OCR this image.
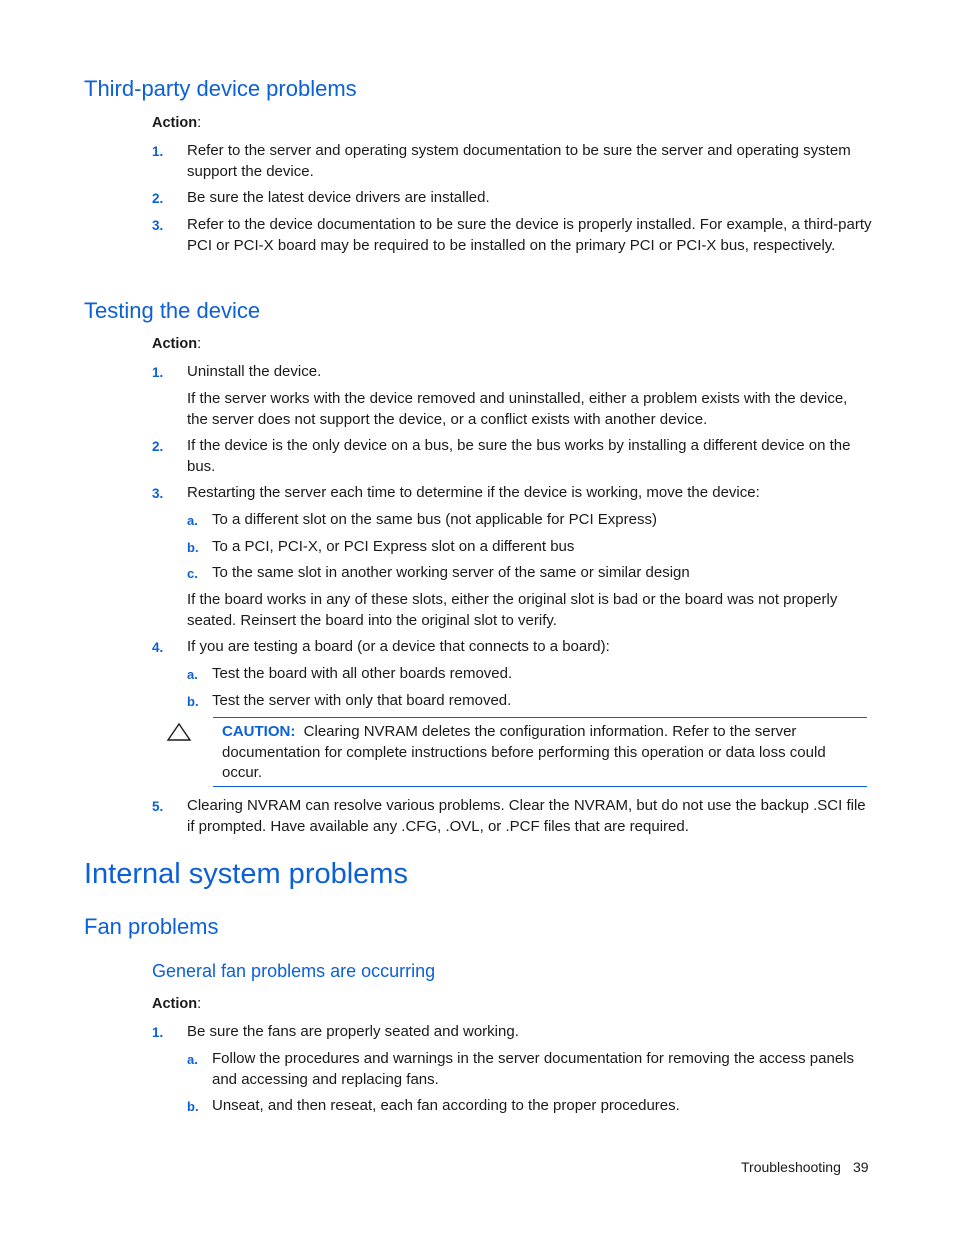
Third-party device problems
Action:
1.	Refer to the server and operating system documentation to be sure the server and operating system support the device.
2.	Be sure the latest device drivers are installed.
3.	Refer to the device documentation to be sure the device is properly installed. For example, a third-party PCI or PCI-X board may be required to be installed on the primary PCI or PCI-X bus, respectively.
Testing the device
Action:
1.	Uninstall the device.
If the server works with the device removed and uninstalled, either a problem exists with the device, the server does not support the device, or a conflict exists with another device.
2.	If the device is the only device on a bus, be sure the bus works by installing a different device on the bus.
3.	Restarting the server each time to determine if the device is working, move the device:
a. To a different slot on the same bus (not applicable for PCI Express)
b. To a PCI, PCI-X, or PCI Express slot on a different bus
c. To the same slot in another working server of the same or similar design
If the board works in any of these slots, either the original slot is bad or the board was not properly seated. Reinsert the board into the original slot to verify.
4.	If you are testing a board (or a device that connects to a board):
a. Test the board with all other boards removed.
b. Test the server with only that board removed.
CAUTION: Clearing NVRAM deletes the configuration information. Refer to the server documentation for complete instructions before performing this operation or data loss could occur.
5.	Clearing NVRAM can resolve various problems. Clear the NVRAM, but do not use the backup .SCI file if prompted. Have available any .CFG, .OVL, or .PCF files that are required.
Internal system problems
Fan problems
General fan problems are occurring
Action:
1.	Be sure the fans are properly seated and working.
a. Follow the procedures and warnings in the server documentation for removing the access panels and accessing and replacing fans.
b. Unseat, and then reseat, each fan according to the proper procedures.
Troubleshooting 39
